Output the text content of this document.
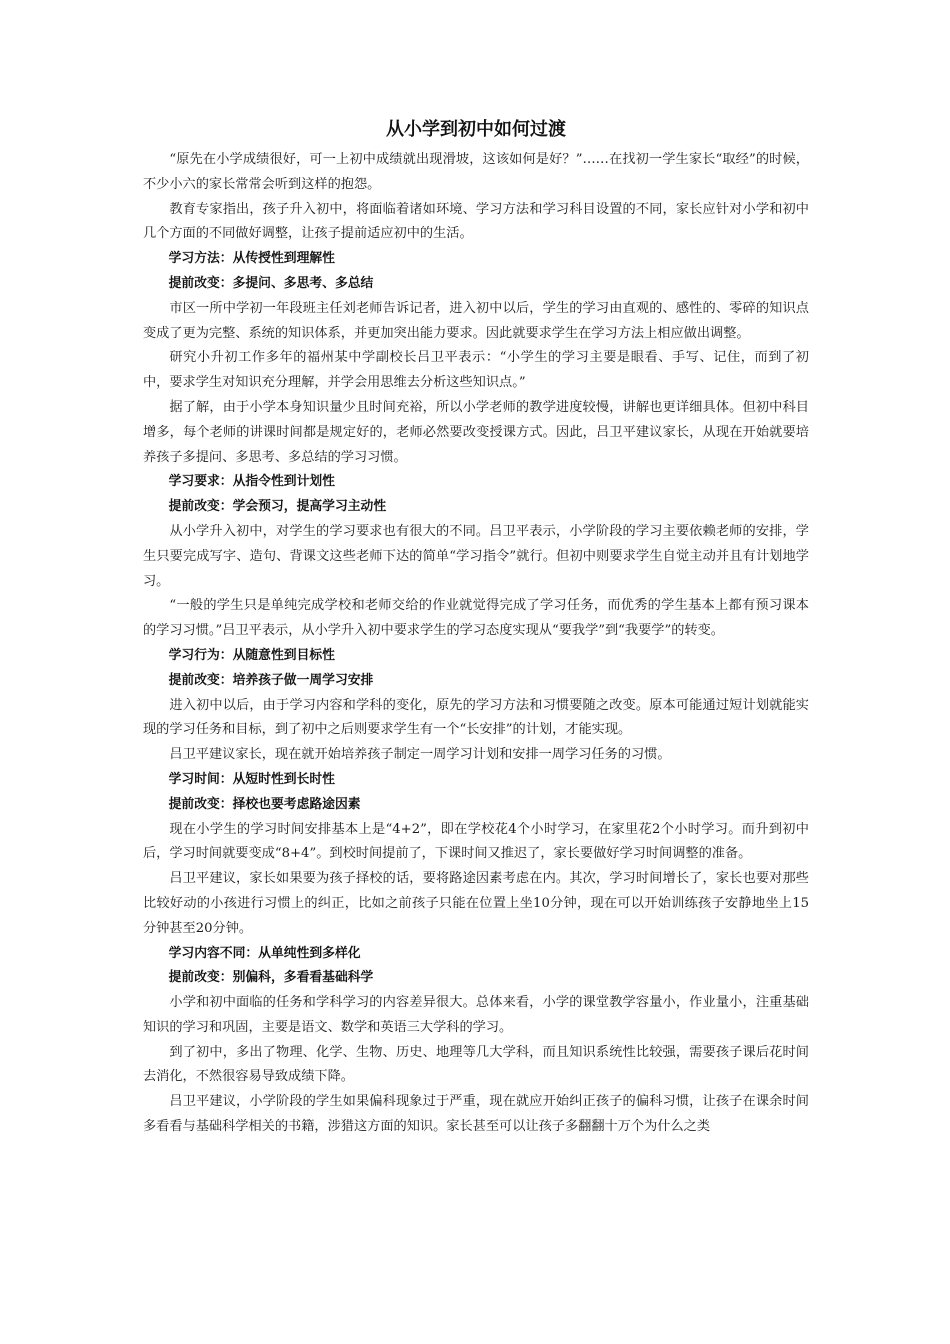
从小学到初中如何过渡

“原先在小学成绩很好，可一上初中成绩就出现滑坡，这该如何是好？”……在找初一学生家长“取经”的时候，不少小六的家长常常会听到这样的抱怨。

教育专家指出，孩子升入初中，将面临着诸如环境、学习方法和学习科目设置的不同，家长应针对小学和初中几个方面的不同做好调整，让孩子提前适应初中的生活。

学习方法：从传授性到理解性

提前改变：多提问、多思考、多总结

市区一所中学初一年段班主任刘老师告诉记者，进入初中以后，学生的学习由直观的、感性的、零碎的知识点变成了更为完整、系统的知识体系，并更加突出能力要求。因此就要求学生在学习方法上相应做出调整。

研究小升初工作多年的福州某中学副校长吕卫平表示：“小学生的学习主要是眼看、手写、记住，而到了初中，要求学生对知识充分理解，并学会用思维去分析这些知识点。”

据了解，由于小学本身知识量少且时间充裕，所以小学老师的教学进度较慢，讲解也更详细具体。但初中科目增多，每个老师的讲课时间都是规定好的，老师必然要改变授课方式。因此，吕卫平建议家长，从现在开始就要培养孩子多提问、多思考、多总结的学习习惯。

学习要求：从指令性到计划性

提前改变：学会预习，提高学习主动性

从小学升入初中，对学生的学习要求也有很大的不同。吕卫平表示，小学阶段的学习主要依赖老师的安排，学生只要完成写字、造句、背课文这些老师下达的简单“学习指令”就行。但初中则要求学生自觉主动并且有计划地学习。

“一般的学生只是单纯完成学校和老师交给的作业就觉得完成了学习任务，而优秀的学生基本上都有预习课本的学习习惯。”吕卫平表示，从小学升入初中要求学生的学习态度实现从“要我学”到“我要学”的转变。

学习行为：从随意性到目标性

提前改变：培养孩子做一周学习安排

进入初中以后，由于学习内容和学科的变化，原先的学习方法和习惯要随之改变。原本可能通过短计划就能实现的学习任务和目标，到了初中之后则要求学生有一个“长安排”的计划，才能实现。

吕卫平建议家长，现在就开始培养孩子制定一周学习计划和安排一周学习任务的习惯。

学习时间：从短时性到长时性

提前改变：择校也要考虑路途因素

现在小学生的学习时间安排基本上是“4+2”，即在学校花4个小时学习，在家里花2个小时学习。而升到初中后，学习时间就要变成“8+4”。到校时间提前了，下课时间又推迟了，家长要做好学习时间调整的准备。

吕卫平建议，家长如果要为孩子择校的话，要将路途因素考虑在内。其次，学习时间增长了，家长也要对那些比较好动的小孩进行习惯上的纠正，比如之前孩子只能在位置上坐10分钟，现在可以开始训练孩子安静地坐上15分钟甚至20分钟。

学习内容不同：从单纯性到多样化

提前改变：别偏科，多看看基础科学

小学和初中面临的任务和学科学习的内容差异很大。总体来看，小学的课堂教学容量小，作业量小，注重基础知识的学习和巩固，主要是语文、数学和英语三大学科的学习。

到了初中，多出了物理、化学、生物、历史、地理等几大学科，而且知识系统性比较强，需要孩子课后花时间去消化，不然很容易导致成绩下降。

吕卫平建议，小学阶段的学生如果偏科现象过于严重，现在就应开始纠正孩子的偏科习惯，让孩子在课余时间多看看与基础科学相关的书籍，涉猎这方面的知识。家长甚至可以让孩子多翻翻十万个为什么之类
